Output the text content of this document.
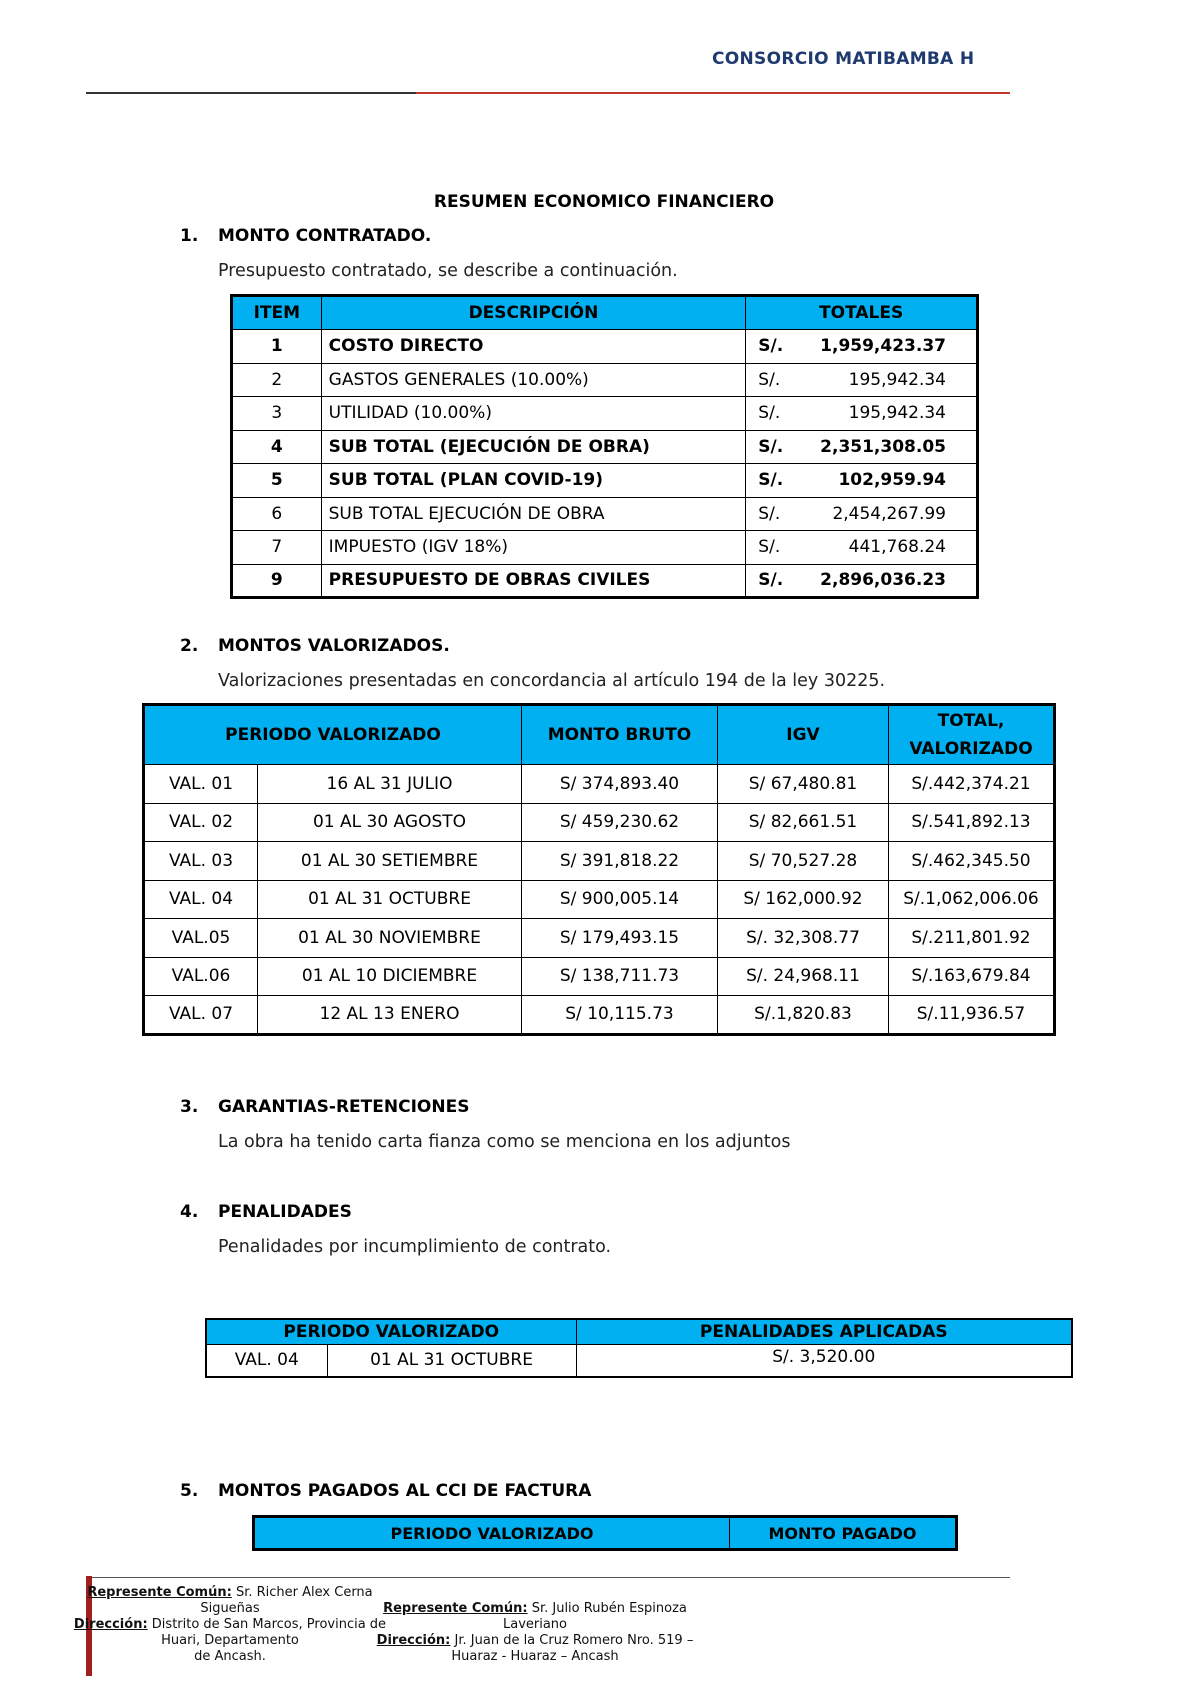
CONSORCIO MATIBAMBA H
RESUMEN ECONOMICO FINANCIERO
1. MONTO CONTRATADO.
Presupuesto contratado, se describe a continuación.
ITEM	DESCRIPCIÓN	TOTALES	
1	COSTO DIRECTO	S/.	1,959,423.37
2	GASTOS GENERALES (10.00%)	S/.	195,942.34
3	UTILIDAD (10.00%)	S/.	195,942.34
4	SUB TOTAL (EJECUCIÓN DE OBRA)	S/.	2,351,308.05
5	SUB TOTAL (PLAN COVID-19)	S/.	102,959.94
6	SUB TOTAL EJECUCIÓN DE OBRA	S/.	2,454,267.99
7	IMPUESTO (IGV 18%)	S/.	441,768.24
9	PRESUPUESTO DE OBRAS CIVILES	S/.	2,896,036.23
2. MONTOS VALORIZADOS.
Valorizaciones presentadas en concordancia al artículo 194 de la ley 30225.
PERIODO VALORIZADO		MONTO BRUTO	IGV	TOTAL,
VALORIZADO

VAL. 01	16 AL 31 JULIO	S/ 374,893.40	S/ 67,480.81	S/.442,374.21
VAL. 02	01 AL 30 AGOSTO	S/ 459,230.62	S/ 82,661.51	S/.541,892.13
VAL. 03	01 AL 30 SETIEMBRE	S/ 391,818.22	S/ 70,527.28	S/.462,345.50
VAL. 04	01 AL 31 OCTUBRE	S/ 900,005.14	S/ 162,000.92	S/.1,062,006.06
VAL.05	01 AL 30 NOVIEMBRE	S/ 179,493.15	S/. 32,308.77	S/.211,801.92
VAL.06	01 AL 10 DICIEMBRE	S/ 138,711.73	S/. 24,968.11	S/.163,679.84
VAL. 07	12 AL 13 ENERO	S/ 10,115.73	S/.1,820.83	S/.11,936.57
3. GARANTIAS-RETENCIONES
La obra ha tenido carta fianza como se menciona en los adjuntos
4. PENALIDADES
Penalidades por incumplimiento de contrato.
PERIODO VALORIZADO		PENALIDADES APLICADAS
VAL. 04	01 AL 31 OCTUBRE	S/. 3,520.00
5. MONTOS PAGADOS AL CCI DE FACTURA
PERIODO VALORIZADO	MONTO PAGADO
Represente Común: Sr. Richer Alex Cerna
Sigueñas
Dirección: Distrito de San Marcos, Provincia de
Huari, Departamento
de Ancash.
Represente Común: Sr. Julio Rubén Espinoza
Laveriano
Dirección: Jr. Juan de la Cruz Romero Nro. 519 –
Huaraz - Huaraz – Ancash
